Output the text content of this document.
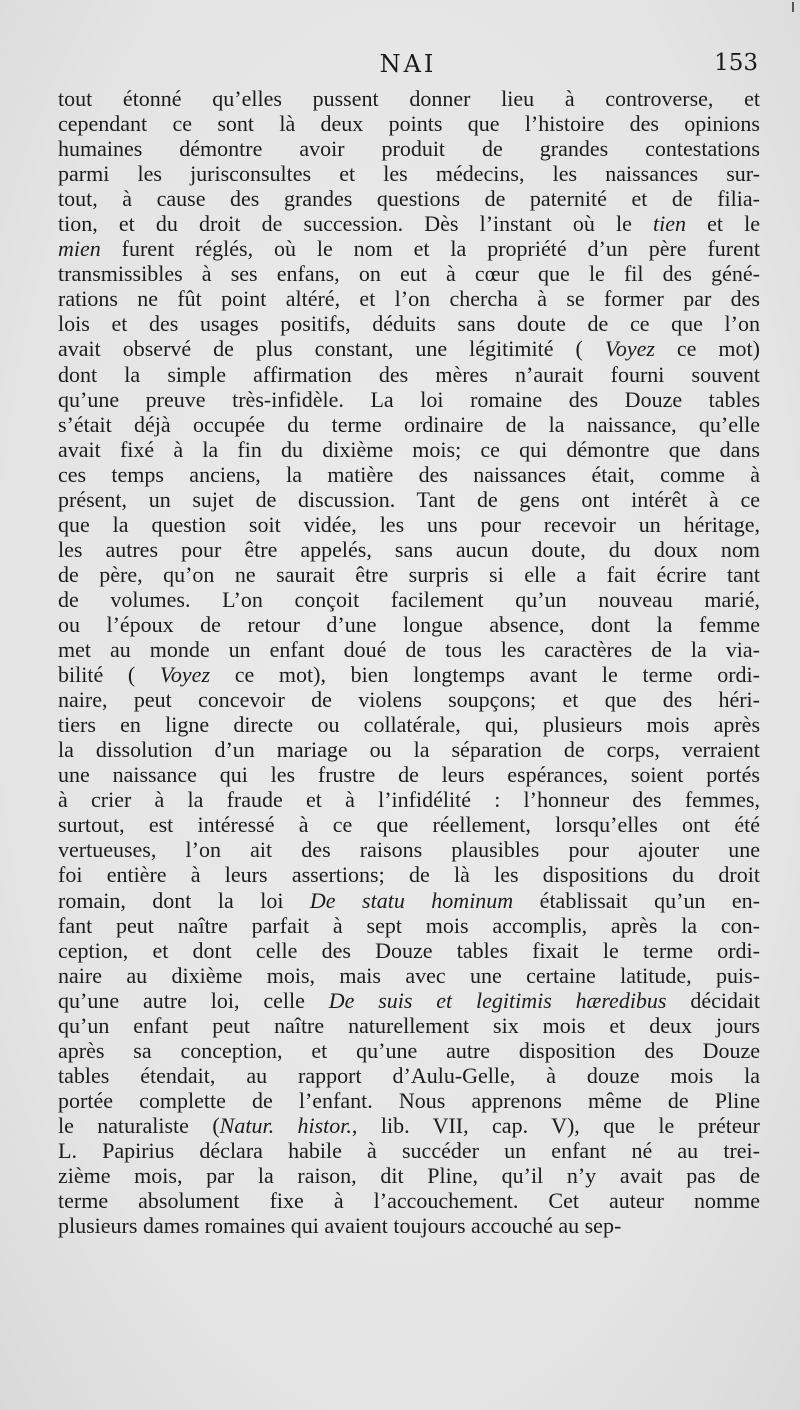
NAI	153
tout étonné qu’elles pussent donner lieu à controverse, et
cependant ce sont là deux points que l’histoire des opinions
humaines démontre avoir produit de grandes contestations
parmi les jurisconsultes et les médecins, les naissances sur-
tout, à cause des grandes questions de paternité et de filia-
tion, et du droit de succession. Dès l’instant où le tien et le
mien furent réglés, où le nom et la propriété d’un père furent
transmissibles à ses enfans, on eut à cœur que le fil des géné-
rations ne fût point altéré, et l’on chercha à se former par des
lois et des usages positifs, déduits sans doute de ce que l’on
avait observé de plus constant, une légitimité ( Voyez ce mot)
dont la simple affirmation des mères n’aurait fourni souvent
qu’une preuve très-infidèle. La loi romaine des Douze tables
s’était déjà occupée du terme ordinaire de la naissance, qu’elle
avait fixé à la fin du dixième mois; ce qui démontre que dans
ces temps anciens, la matière des naissances était, comme à
présent, un sujet de discussion. Tant de gens ont intérêt à ce
que la question soit vidée, les uns pour recevoir un héritage,
les autres pour être appelés, sans aucun doute, du doux nom
de père, qu’on ne saurait être surpris si elle a fait écrire tant
de volumes. L’on conçoit facilement qu’un nouveau marié,
ou l’époux de retour d’une longue absence, dont la femme
met au monde un enfant doué de tous les caractères de la via-
bilité ( Voyez ce mot), bien longtemps avant le terme ordi-
naire, peut concevoir de violens soupçons; et que des héri-
tiers en ligne directe ou collatérale, qui, plusieurs mois après
la dissolution d’un mariage ou la séparation de corps, verraient
une naissance qui les frustre de leurs espérances, soient portés
à crier à la fraude et à l’infidélité : l’honneur des femmes,
surtout, est intéressé à ce que réellement, lorsqu’elles ont été
vertueuses, l’on ait des raisons plausibles pour ajouter une
foi entière à leurs assertions; de là les dispositions du droit
romain, dont la loi De statu hominum établissait qu’un en-
fant peut naître parfait à sept mois accomplis, après la con-
ception, et dont celle des Douze tables fixait le terme ordi-
naire au dixième mois, mais avec une certaine latitude, puis-
qu’une autre loi, celle De suis et legitimis hæredibus décidait
qu’un enfant peut naître naturellement six mois et deux jours
après sa conception, et qu’une autre disposition des Douze
tables étendait, au rapport d’Aulu-Gelle, à douze mois la
portée complette de l’enfant. Nous apprenons même de Pline
le naturaliste (Natur. histor., lib. VII, cap. V), que le préteur
L. Papirius déclara habile à succéder un enfant né au trei-
zième mois, par la raison, dit Pline, qu’il n’y avait pas de
terme absolument fixe à l’accouchement. Cet auteur nomme
plusieurs dames romaines qui avaient toujours accouché au sep-
